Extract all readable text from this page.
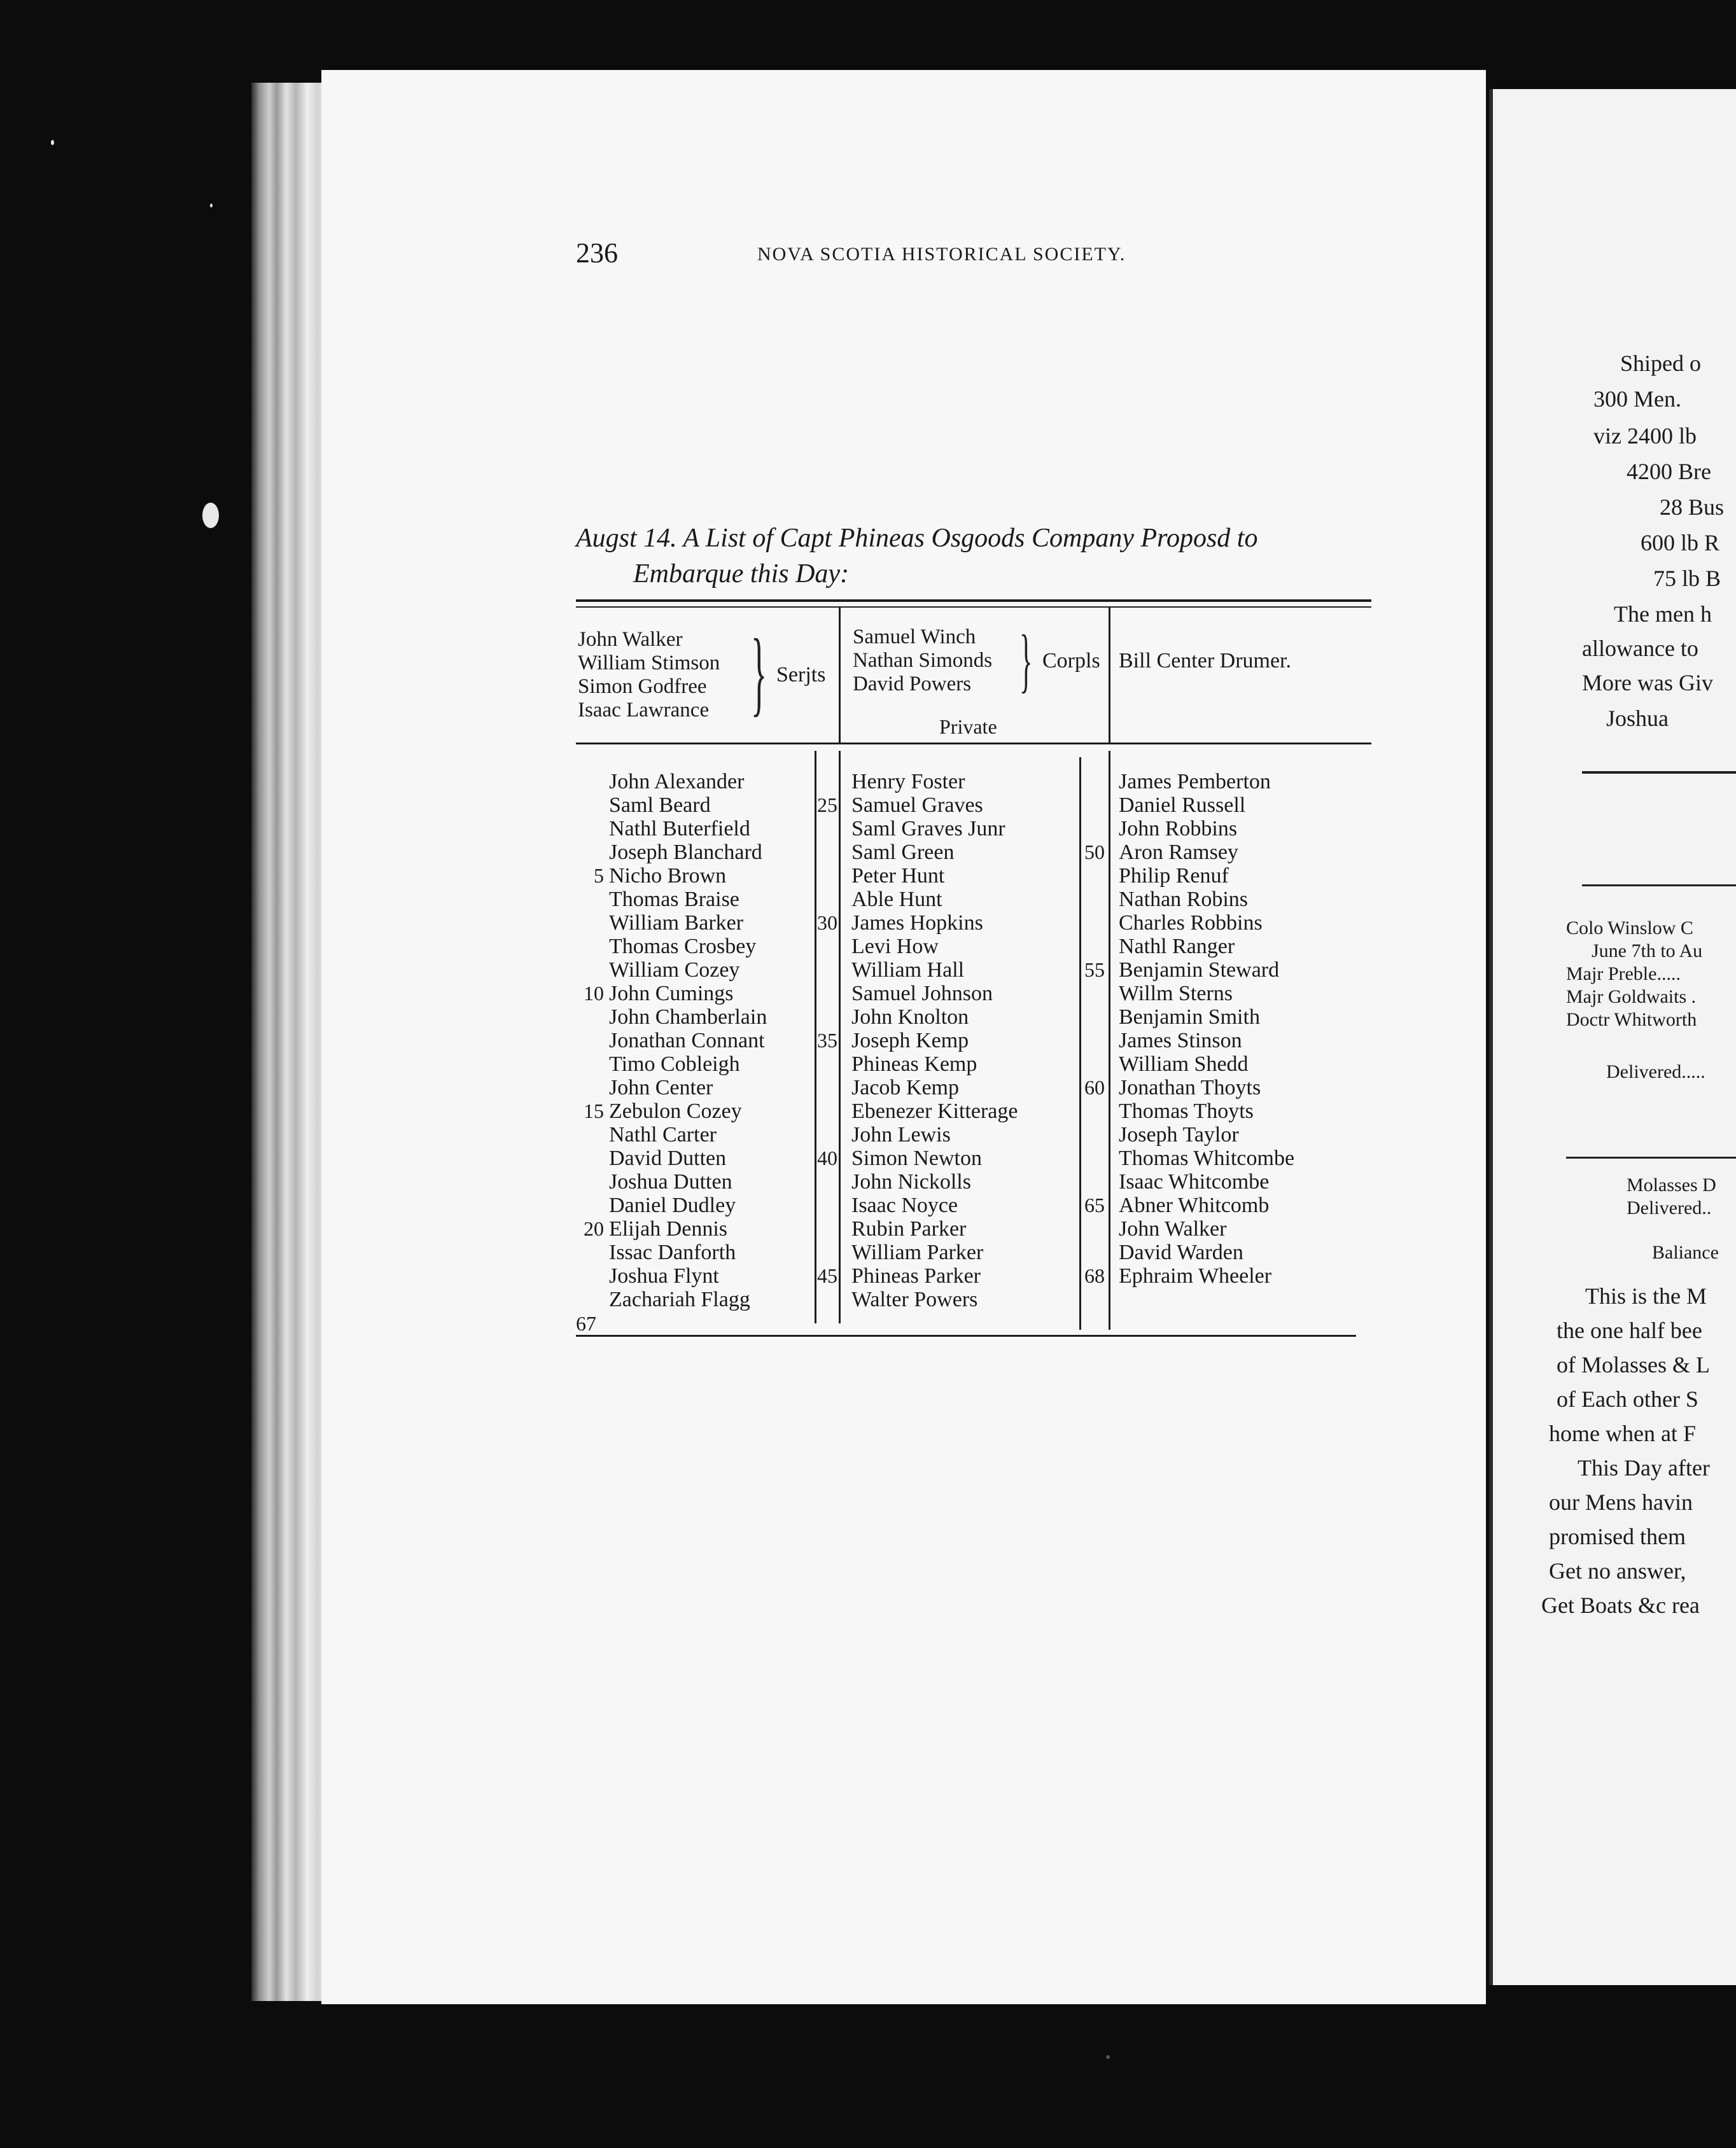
236	NOVA SCOTIA HISTORICAL SOCIETY.
Augst 14. A List of Capt Phineas Osgoods Company Proposd to
Embarque this Day:
John Walker
William Stimson
Simon Godfree
Isaac Lawrance } Serjts
Samuel Winch
Nathan Simonds
David Powers } Corpls Bill Center Drumer.
Private
John Alexander
Saml Beard
Nathl Buterfield
Joseph Blanchard
Nicho Brown
Thomas Braise
William Barker
Thomas Crosbey
William Cozey
John Cumings
John Chamberlain
Jonathan Connant
Timo Cobleigh
John Center
Zebulon Cozey
Nathl Carter
David Dutten
Joshua Dutten
Daniel Dudley
Elijah Dennis
Issac Danforth
Joshua Flynt
Zachariah Flagg
5
10
15
20
67
Henry Foster
Samuel Graves
Saml Graves Junr
Saml Green
Peter Hunt
Able Hunt
James Hopkins
Levi How
William Hall
Samuel Johnson
John Knolton
Joseph Kemp
Phineas Kemp
Jacob Kemp
Ebenezer Kitterage
John Lewis
Simon Newton
John Nickolls
Isaac Noyce
Rubin Parker
William Parker
Phineas Parker
Walter Powers
25
30
35
40
45
James Pemberton
Daniel Russell
John Robbins
Aron Ramsey
Philip Renuf
Nathan Robins
Charles Robbins
Nathl Ranger
Benjamin Steward
Willm Sterns
Benjamin Smith
James Stinson
William Shedd
Jonathan Thoyts
Thomas Thoyts
Joseph Taylor
Thomas Whitcombe
Isaac Whitcombe
Abner Whitcomb
John Walker
David Warden
Ephraim Wheeler
50
55
60
65
68
Shiped o
300 Men.
viz 2400 lb
4200 Bre
28 Bus
600 lb R
75 lb B
The men h
allowance to
More was Giv
Joshua
Colo Winslow C
June 7th to Au
Majr Preble.....
Majr Goldwaits .
Doctr Whitworth
Delivered.....
Molasses D
Delivered..
Baliance
This is the M
the one half bee
of Molasses & L
of Each other S
home when at F
This Day after
our Mens havin
promised them
Get no answer,
Get Boats &c rea
